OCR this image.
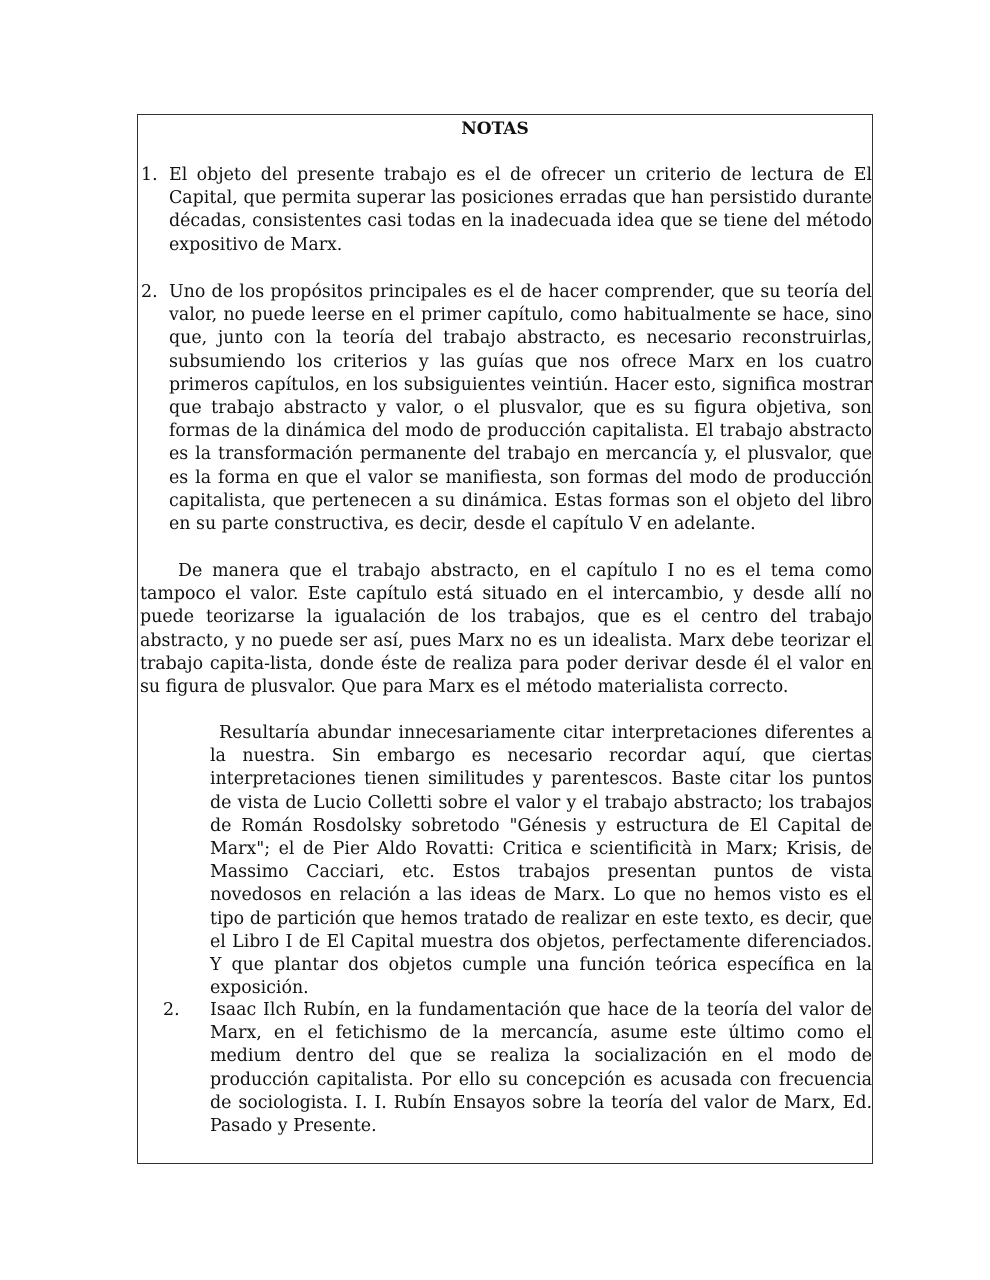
NOTAS
1. El objeto del presente trabajo es el de ofrecer un criterio de lectura de El Capital, que permita superar las posiciones erradas que han persistido durante décadas, consistentes casi todas en la inadecuada idea que se tiene del método expositivo de Marx.
2. Uno de los propósitos principales es el de hacer comprender, que su teoría del valor, no puede leerse en el primer capítulo, como habitualmente se hace, sino que, junto con la teoría del trabajo abstracto, es necesario reconstruirlas, subsumiendo los criterios y las guías que nos ofrece Marx en los cuatro primeros capítulos, en los subsiguientes veintiún. Hacer esto, significa mostrar que trabajo abstracto y valor, o el plusvalor, que es su figura objetiva, son formas de la dinámica del modo de producción capitalista. El trabajo abstracto es la transformación permanente del trabajo en mercancía y, el plusvalor, que es la forma en que el valor se manifiesta, son formas del modo de producción capitalista, que pertenecen a su dinámica. Estas formas son el objeto del libro en su parte constructiva, es decir, desde el capítulo V en adelante.

De manera que el trabajo abstracto, en el capítulo I no es el tema como tampoco el valor. Este capítulo está situado en el intercambio, y desde allí no puede teorizarse la igualación de los trabajos, que es el centro del trabajo abstracto, y no puede ser así, pues Marx no es un idealista. Marx debe teorizar el trabajo capita-lista, donde éste de realiza para poder derivar desde él el valor en su figura de plusvalor. Que para Marx es el método materialista correcto.

Resultaría abundar innecesariamente citar interpretaciones diferentes a la nuestra. Sin embargo es necesario recordar aquí, que ciertas interpretaciones tienen similitudes y parentescos. Baste citar los puntos de vista de Lucio Colletti sobre el valor y el trabajo abstracto; los trabajos de Román Rosdolsky sobretodo "Génesis y estructura de El Capital de Marx"; el de Pier Aldo Rovatti: Critica e scientificità in Marx; Krisis, de Massimo Cacciari, etc. Estos trabajos presentan puntos de vista novedosos en relación a las ideas de Marx. Lo que no hemos visto es el tipo de partición que hemos tratado de realizar en este texto, es decir, que el Libro I de El Capital muestra dos objetos, perfectamente diferenciados. Y que plantar dos objetos cumple una función teórica específica en la exposición.

2. Isaac Ilch Rubín, en la fundamentación que hace de la teoría del valor de Marx, en el fetichismo de la mercancía, asume este último como el medium dentro del que se realiza la socialización en el modo de producción capitalista. Por ello su concepción es acusada con frecuencia de sociologista. I. I. Rubín Ensayos sobre la teoría del valor de Marx, Ed. Pasado y Presente.
